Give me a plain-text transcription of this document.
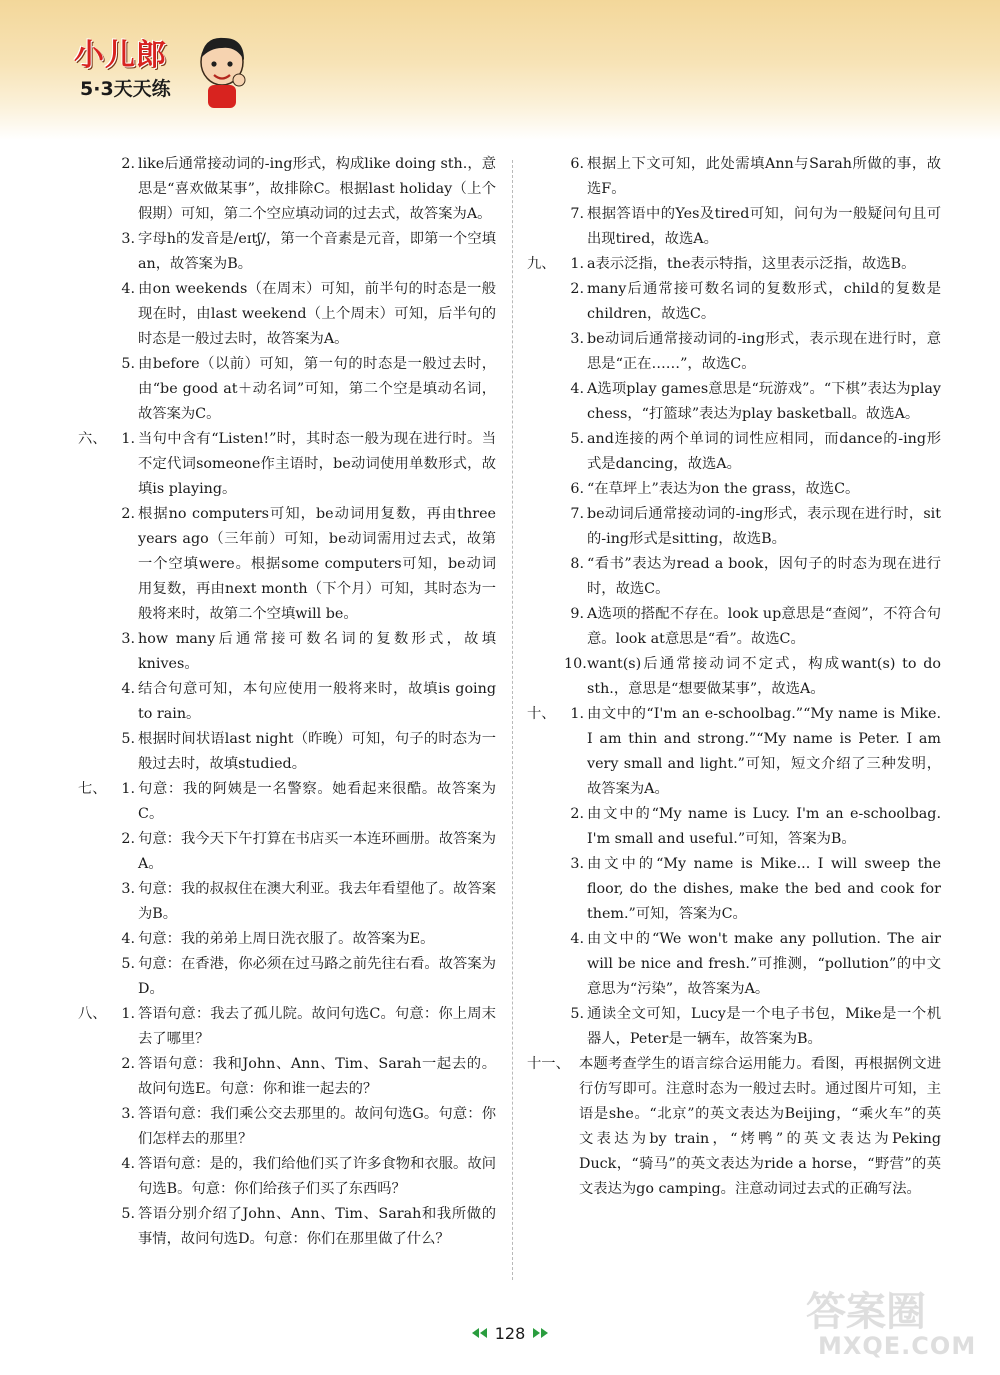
小儿郎
5·3天天练
2. like后通常接动词的-ing形式，构成like doing sth.，意思是“喜欢做某事”，故排除C。根据last holiday（上个假期）可知，第二个空应填动词的过去式，故答案为A。
3. 字母h的发音是/eɪtʃ/，第一个音素是元音，即第一个空填an，故答案为B。
4. 由on weekends（在周末）可知，前半句的时态是一般现在时，由last weekend（上个周末）可知，后半句的时态是一般过去时，故答案为A。
5. 由before（以前）可知，第一句的时态是一般过去时，由“be good at＋动名词”可知，第二个空是填动名词，故答案为C。
六、	1. 当句中含有“Listen!”时，其时态一般为现在进行时。当不定代词someone作主语时，be动词使用单数形式，故填is playing。
2. 根据no computers可知，be动词用复数，再由three years ago（三年前）可知，be动词需用过去式，故第一个空填were。根据some computers可知，be动词用复数，再由next month（下个月）可知，其时态为一般将来时，故第二个空填will be。
3. how many后通常接可数名词的复数形式，故填knives。
4. 结合句意可知，本句应使用一般将来时，故填is going to rain。
5. 根据时间状语last night（昨晚）可知，句子的时态为一般过去时，故填studied。
七、	1. 句意：我的阿姨是一名警察。她看起来很酷。故答案为C。
2. 句意：我今天下午打算在书店买一本连环画册。故答案为A。
3. 句意：我的叔叔住在澳大利亚。我去年看望他了。故答案为B。
4. 句意：我的弟弟上周日洗衣服了。故答案为E。
5. 句意：在香港，你必须在过马路之前先往右看。故答案为D。
八、	1. 答语句意：我去了孤儿院。故问句选C。句意：你上周末去了哪里？
2. 答语句意：我和John、Ann、Tim、Sarah一起去的。故问句选E。句意：你和谁一起去的？
3. 答语句意：我们乘公交去那里的。故问句选G。句意：你们怎样去的那里？
4. 答语句意：是的，我们给他们买了许多食物和衣服。故问句选B。句意：你们给孩子们买了东西吗？
5. 答语分别介绍了John、Ann、Tim、Sarah和我所做的事情，故问句选D。句意：你们在那里做了什么？
6. 根据上下文可知，此处需填Ann与Sarah所做的事，故选F。
7. 根据答语中的Yes及tired可知，问句为一般疑问句且可出现tired，故选A。
九、	1. a表示泛指，the表示特指，这里表示泛指，故选B。
2. many后通常接可数名词的复数形式，child的复数是children，故选C。
3. be动词后通常接动词的-ing形式，表示现在进行时，意思是“正在……”，故选C。
4. A选项play games意思是“玩游戏”。“下棋”表达为play chess，“打篮球”表达为play basketball。故选A。
5. and连接的两个单词的词性应相同，而dance的-ing形式是dancing，故选A。
6. “在草坪上”表达为on the grass，故选C。
7. be动词后通常接动词的-ing形式，表示现在进行时，sit的-ing形式是sitting，故选B。
8. “看书”表达为read a book，因句子的时态为现在进行时，故选C。
9. A选项的搭配不存在。look up意思是“查阅”，不符合句意。look at意思是“看”。故选C。
10. want(s)后通常接动词不定式，构成want(s) to do sth.，意思是“想要做某事”，故选A。
十、	1. 由文中的“I'm an e-schoolbag.”“My name is Mike. I am thin and strong.”“My name is Peter. I am very small and light.”可知，短文介绍了三种发明，故答案为A。
2. 由文中的“My name is Lucy. I'm an e-schoolbag. I'm small and useful.”可知，答案为B。
3. 由文中的“My name is Mike... I will sweep the floor, do the dishes, make the bed and cook for them.”可知，答案为C。
4. 由文中的“We won't make any pollution. The air will be nice and fresh.”可推测，“pollution”的中文意思为“污染”，故答案为A。
5. 通读全文可知，Lucy是一个电子书包，Mike是一个机器人，Peter是一辆车，故答案为B。
十一、 本题考查学生的语言综合运用能力。看图，再根据例文进行仿写即可。注意时态为一般过去时。通过图片可知，主语是she。“北京”的英文表达为Beijing，“乘火车”的英文表达为by train，“烤鸭”的英文表达为Peking Duck，“骑马”的英文表达为ride a horse，“野营”的英文表达为go camping。注意动词过去式的正确写法。
128	答案圈
MXQE.COM
